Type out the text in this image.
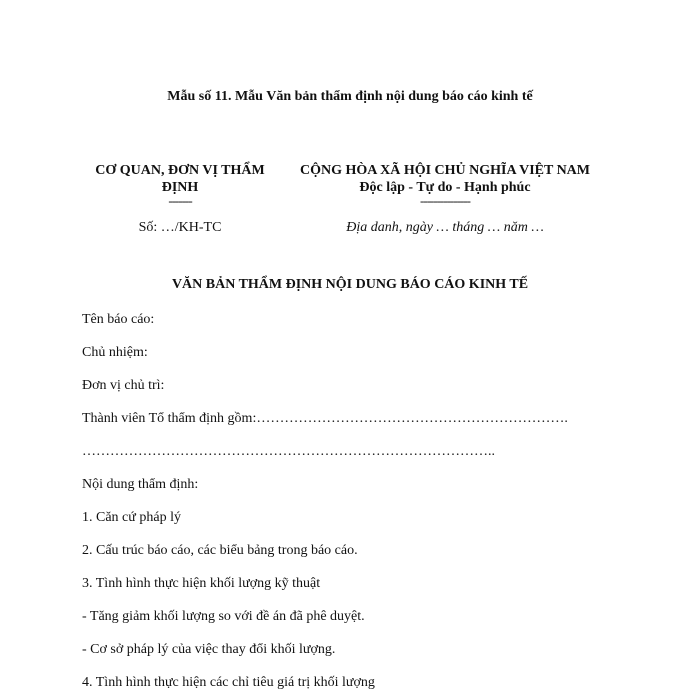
Mẫu số 11. Mẫu Văn bản thẩm định nội dung báo cáo kinh tế
CƠ QUAN, ĐƠN VỊ THẨM ĐỊNH
-------
Số: …/KH-TC
CỘNG HÒA XÃ HỘI CHỦ NGHĨA VIỆT NAM
Độc lập - Tự do - Hạnh phúc
---------------
Địa danh, ngày … tháng … năm …
VĂN BẢN THẨM ĐỊNH NỘI DUNG BÁO CÁO KINH TẾ
Tên báo cáo:
Chủ nhiệm:
Đơn vị chủ trì:
Thành viên Tổ thẩm định gồm:………………………………………………………….
……………………………………………………………………………..
Nội dung thẩm định:
1. Căn cứ pháp lý
2. Cấu trúc báo cáo, các biểu bảng trong báo cáo.
3. Tình hình thực hiện khối lượng kỹ thuật
- Tăng giảm khối lượng so với đề án đã phê duyệt.
- Cơ sở pháp lý của việc thay đổi khối lượng.
4. Tình hình thực hiện các chỉ tiêu giá trị khối lượng
